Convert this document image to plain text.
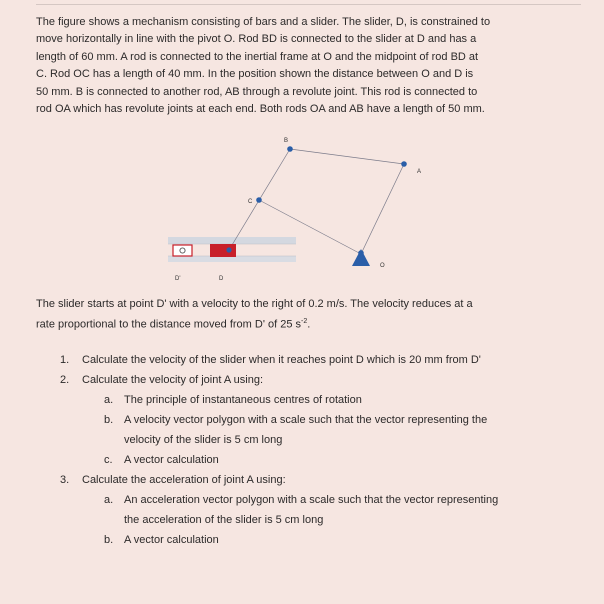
The figure shows a mechanism consisting of bars and a slider. The slider, D, is constrained to
move horizontally in line with the pivot O. Rod BD is connected to the slider at D and has a
length of 60 mm. A rod is connected to the inertial frame at O and the midpoint of rod BD at
C. Rod OC has a length of 40 mm. In the position shown the distance between O and D is
50 mm. B is connected to another rod, AB through a revolute joint. This rod is connected to
rod OA which has revolute joints at each end. Both rods OA and AB have a length of 50 mm.

B
A
C
O
D'	D

The slider starts at point D' with a velocity to the right of 0.2 m/s. The velocity reduces at a
rate proportional to the distance moved from D' of 25 $s^{-2}$.

1. Calculate the velocity of the slider when it reaches point D which is 20 mm from D'
2. Calculate the velocity of joint A using:
a. The principle of instantaneous centres of rotation
b. A velocity vector polygon with a scale such that the vector representing the
velocity of the slider is 5 cm long
c. A vector calculation
3. Calculate the acceleration of joint A using:
a. An acceleration vector polygon with a scale such that the vector representing
the acceleration of the slider is 5 cm long
b. A vector calculation
